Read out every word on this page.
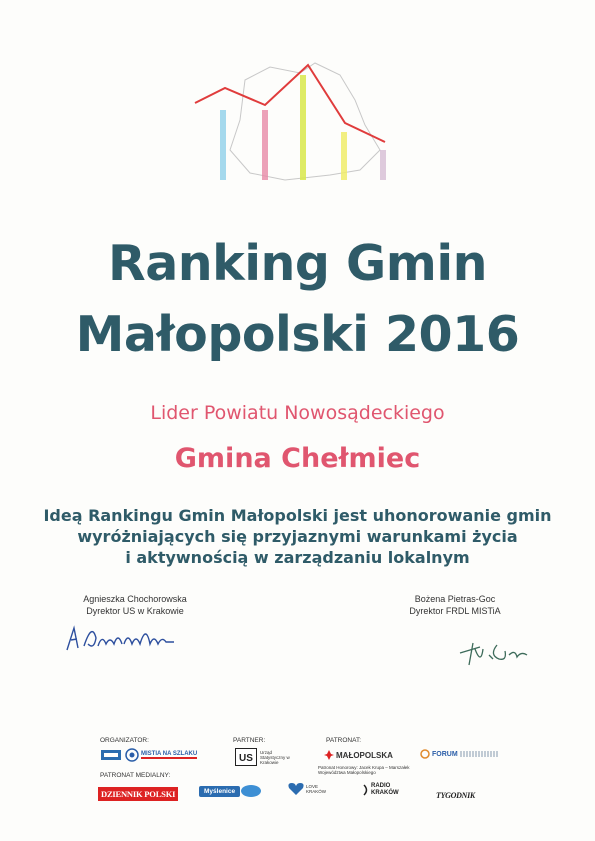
Ranking Gmin
Małopolski 2016
Lider Powiatu Nowosądeckiego
Gmina Chełmiec
Ideą Rankingu Gmin Małopolski jest uhonorowanie gmin
wyróżniających się przyjaznymi warunkami życia
i aktywnością w zarządzaniu lokalnym
Agnieszka Chochorowska
Dyrektor US w Krakowie
Bożena Pietras-Goc
Dyrektor FRDL MISTiA
ORGANIZATOR:	PARTNER:	PATRONAT:
PATRONAT MEDIALNY:
MISTIA NA SZLAKU	US
Urząd Statystyczny w Krakowie
MAŁOPOLSKA
Patronat Honorowy: Jacek Krupa – Marszałek Województwa Małopolskiego
FORUM
DZIENNIK POLSKI	Myślenice
LOVE KRAKÓW
RADIO KRAKÓW	TYGODNIK
